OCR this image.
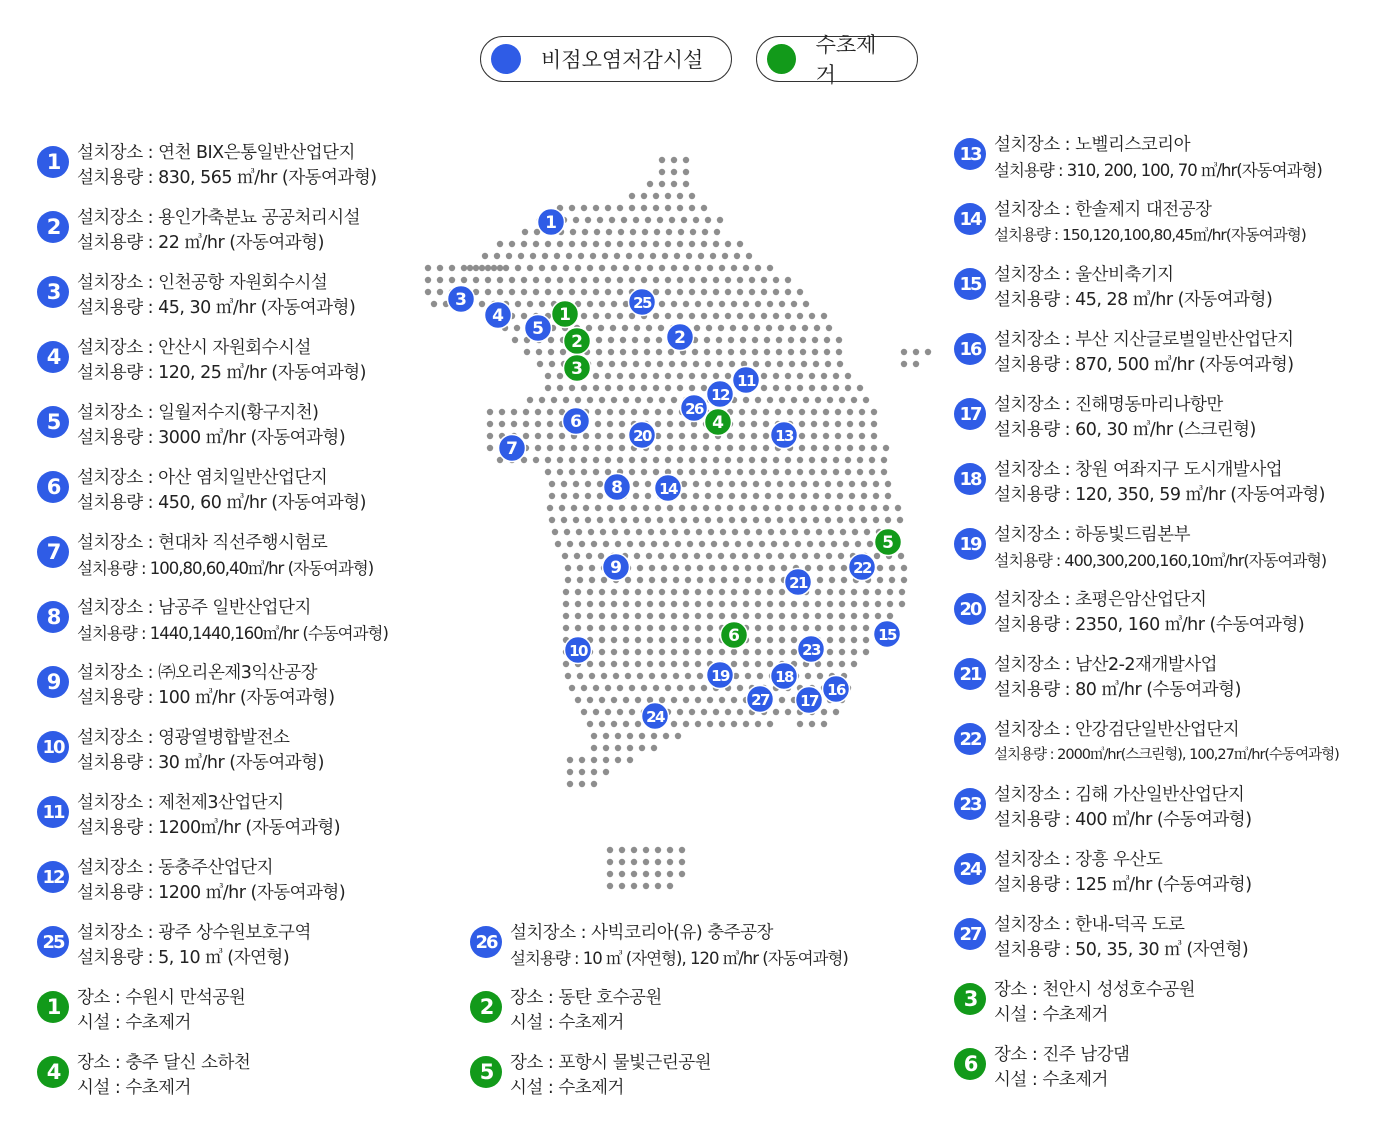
비점오염저감시설
수초제거
1
3
4
5
1
25
2	2
3
11
12
26
4
6
20	13
7
8 14
5
22
9
21
15
6
10	23
19	18
16
27 17
24
1	설치장소 : 연천 BIX은통일반산업단지
설치용량 : 830, 565 ㎥/hr (자동여과형)
2	설치장소 : 용인가축분뇨 공공처리시설
설치용량 : 22 ㎥/hr (자동여과형)
3	설치장소 : 인천공항 자원회수시설
설치용량 : 45, 30 ㎥/hr (자동여과형)
4	설치장소 : 안산시 자원회수시설
설치용량 : 120, 25 ㎥/hr (자동여과형)
5	설치장소 : 일월저수지(황구지천)
설치용량 : 3000 ㎥/hr (자동여과형)
6	설치장소 : 아산 염치일반산업단지
설치용량 : 450, 60 ㎥/hr (자동여과형)
7	설치장소 : 현대차 직선주행시험로
설치용량 : 100,80,60,40㎥/hr (자동여과형)
8	설치장소 : 남공주 일반산업단지
설치용량 : 1440,1440,160㎥/hr (수동여과형)
9	설치장소 : ㈜오리온제3익산공장
설치용량 : 100 ㎥/hr (자동여과형)
10 설치장소 : 영광열병합발전소
설치용량 : 30 ㎥/hr (자동여과형)
11 설치장소 : 제천제3산업단지
설치용량 : 1200㎥/hr (자동여과형)
12 설치장소 : 동충주산업단지
설치용량 : 1200 ㎥/hr (자동여과형)
25 설치장소 : 광주 상수원보호구역
설치용량 : 5, 10 ㎥ (자연형)
26 설치장소 : 사빅코리아(유) 충주공장
설치용량 : 10 ㎥ (자연형), 120 ㎥/hr (자동여과형)
13 설치장소 : 노벨리스코리아
설치용량 : 310, 200, 100, 70 ㎥/hr(자동여과형)
14 설치장소 : 한솔제지 대전공장
설치용량 : 150,120,100,80,45㎥/hr(자동여과형)
15 설치장소 : 울산비축기지
설치용량 : 45, 28 ㎥/hr (자동여과형)
16 설치장소 : 부산 지산글로벌일반산업단지
설치용량 : 870, 500 ㎥/hr (자동여과형)
17 설치장소 : 진해명동마리나항만
설치용량 : 60, 30 ㎥/hr (스크린형)
18 설치장소 : 창원 여좌지구 도시개발사업
설치용량 : 120, 350, 59 ㎥/hr (자동여과형)
19 설치장소 : 하동빛드림본부
설치용량 : 400,300,200,160,10㎥/hr(자동여과형)
20 설치장소 : 초평은암산업단지
설치용량 : 2350, 160 ㎥/hr (수동여과형)
21 설치장소 : 남산2-2재개발사업
설치용량 : 80 ㎥/hr (수동여과형)
22 설치장소 : 안강검단일반산업단지
설치용량 : 2000㎥/hr(스크린형), 100,27㎥/hr(수동여과형)
23 설치장소 : 김해 가산일반산업단지
설치용량 : 400 ㎥/hr (수동여과형)
24 설치장소 : 장흥 우산도
설치용량 : 125 ㎥/hr (수동여과형)
27 설치장소 : 한내-덕곡 도로
설치용량 : 50, 35, 30 ㎥ (자연형)
1	장소 : 수원시 만석공원
시설 : 수초제거
4	장소 : 충주 달신 소하천
시설 : 수초제거
2	장소 : 동탄 호수공원
시설 : 수초제거
5	장소 : 포항시 물빛근린공원
시설 : 수초제거
3	장소 : 천안시 성성호수공원
시설 : 수초제거
6	장소 : 진주 남강댐
시설 : 수초제거
